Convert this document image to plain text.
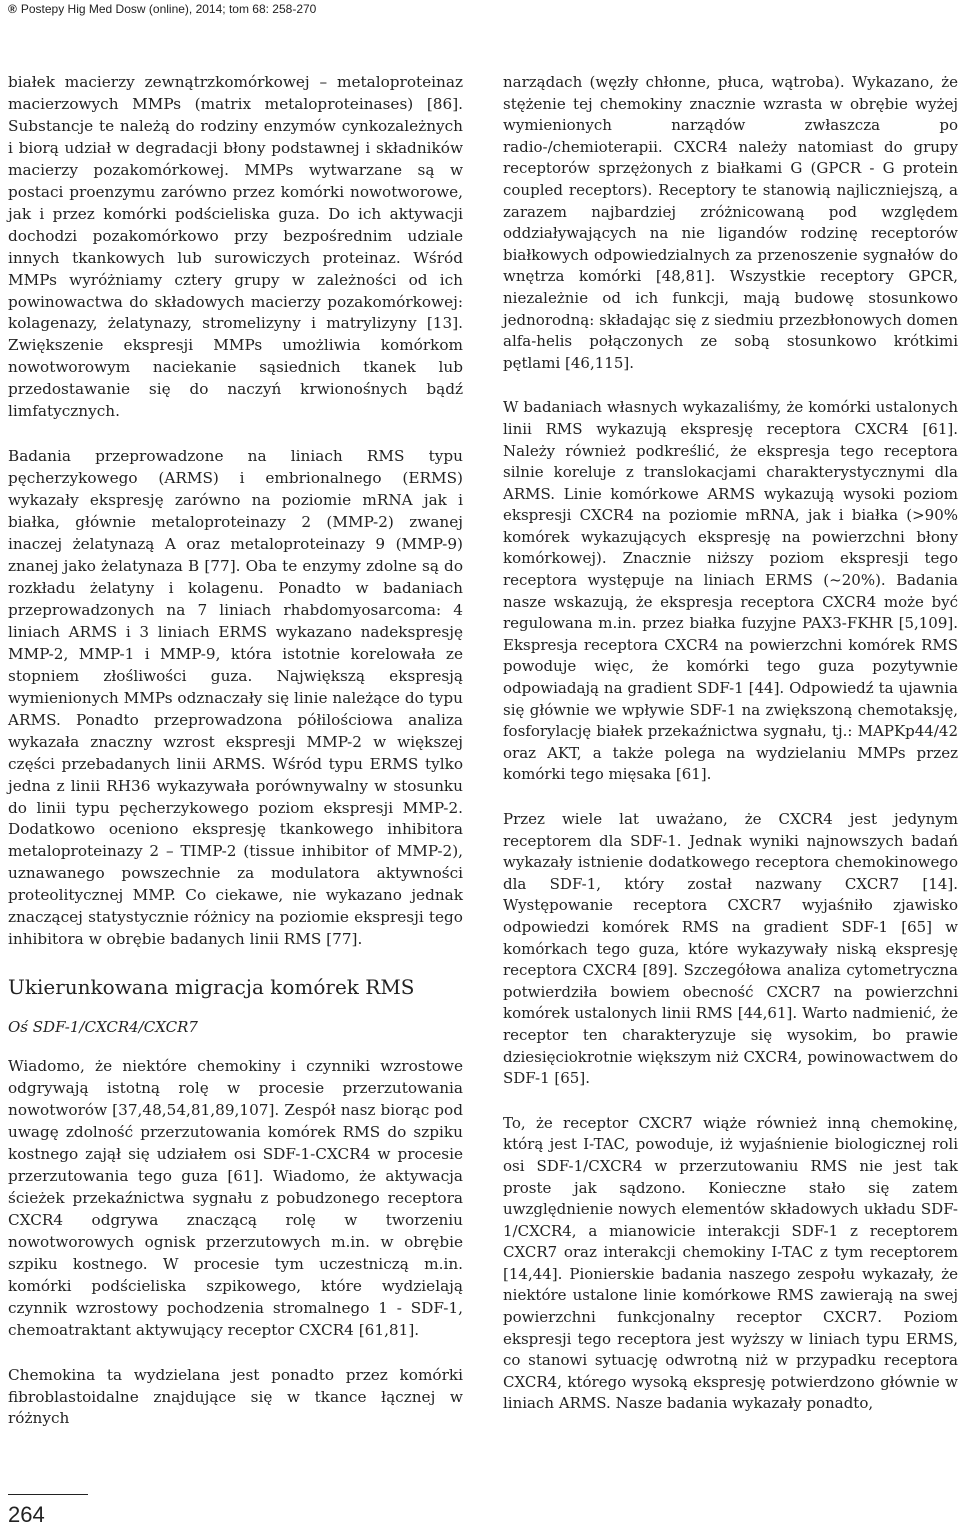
® Postepy Hig Med Dosw (online), 2014; tom 68: 258-270

białek macierzy zewnątrzkomórkowej – metaloproteinaz macierzowych MMPs (matrix metaloproteinases) [86]. Substancje te należą do rodziny enzymów cynkozależnych i biorą udział w degradacji błony podstawnej i składników macierzy pozakomórkowej. MMPs wytwarzane są w postaci proenzymu zarówno przez komórki nowotworowe, jak i przez komórki podścieliska guza. Do ich aktywacji dochodzi pozakomórkowo przy bezpośrednim udziale innych tkankowych lub surowiczych proteinaz. Wśród MMPs wyróżniamy cztery grupy w zależności od ich powinowactwa do składowych macierzy pozakomórkowej: kolagenazy, żelatynazy, stromelizyny i matrylizyny [13]. Zwiększenie ekspresji MMPs umożliwia komórkom nowotworowym naciekanie sąsiednich tkanek lub przedostawanie się do naczyń krwionośnych bądź limfatycznych.

Badania przeprowadzone na liniach RMS typu pęcherzykowego (ARMS) i embrionalnego (ERMS) wykazały ekspresję zarówno na poziomie mRNA jak i białka, głównie metaloproteinazy 2 (MMP-2) zwanej inaczej żelatynazą A oraz metaloproteinazy 9 (MMP-9) znanej jako żelatynaza B [77]. Oba te enzymy zdolne są do rozkładu żelatyny i kolagenu. Ponadto w badaniach przeprowadzonych na 7 liniach rhabdomyosarcoma: 4 liniach ARMS i 3 liniach ERMS wykazano nadekspresję MMP-2, MMP-1 i MMP-9, która istotnie korelowała ze stopniem złośliwości guza. Największą ekspresją wymienionych MMPs odznaczały się linie należące do typu ARMS. Ponadto przeprowadzona półilościowa analiza wykazała znaczny wzrost ekspresji MMP-2 w większej części przebadanych linii ARMS. Wśród typu ERMS tylko jedna z linii RH36 wykazywała porównywalny w stosunku do linii typu pęcherzykowego poziom ekspresji MMP-2. Dodatkowo oceniono ekspresję tkankowego inhibitora metaloproteinazy 2 – TIMP-2 (tissue inhibitor of MMP-2), uznawanego powszechnie za modulatora aktywności proteolitycznej MMP. Co ciekawe, nie wykazano jednak znaczącej statystycznie różnicy na poziomie ekspresji tego inhibitora w obrębie badanych linii RMS [77].

Ukierunkowana migracja komórek RMS
Oś SDF-1/CXCR4/CXCR7

Wiadomo, że niektóre chemokiny i czynniki wzrostowe odgrywają istotną rolę w procesie przerzutowania nowotworów [37,48,54,81,89,107]. Zespół nasz biorąc pod uwagę zdolność przerzutowania komórek RMS do szpiku kostnego zajął się udziałem osi SDF-1-CXCR4 w procesie przerzutowania tego guza [61]. Wiadomo, że aktywacja ścieżek przekaźnictwa sygnału z pobudzonego receptora CXCR4 odgrywa znaczącą rolę w tworzeniu nowotworowych ognisk przerzutowych m.in. w obrębie szpiku kostnego. W procesie tym uczestniczą m.in. komórki podścieliska szpikowego, które wydzielają czynnik wzrostowy pochodzenia stromalnego 1 - SDF-1, chemoatraktant aktywujący receptor CXCR4 [61,81].

Chemokina ta wydzielana jest ponadto przez komórki fibroblastoidalne znajdujące się w tkance łącznej w różnych

narządach (węzły chłonne, płuca, wątroba). Wykazano, że stężenie tej chemokiny znacznie wzrasta w obrębie wyżej wymienionych narządów zwłaszcza po radio-/chemioterapii. CXCR4 należy natomiast do grupy receptorów sprzężonych z białkami G (GPCR - G protein coupled receptors). Receptory te stanowią najliczniejszą, a zarazem najbardziej zróżnicowaną pod względem oddziaływających na nie ligandów rodzinę receptorów białkowych odpowiedzialnych za przenoszenie sygnałów do wnętrza komórki [48,81]. Wszystkie receptory GPCR, niezależnie od ich funkcji, mają budowę stosunkowo jednorodną: składając się z siedmiu przezbłonowych domen alfa-helis połączonych ze sobą stosunkowo krótkimi pętlami [46,115].

W badaniach własnych wykazaliśmy, że komórki ustalonych linii RMS wykazują ekspresję receptora CXCR4 [61]. Należy również podkreślić, że ekspresja tego receptora silnie koreluje z translokacjami charakterystycznymi dla ARMS. Linie komórkowe ARMS wykazują wysoki poziom ekspresji CXCR4 na poziomie mRNA, jak i białka (>90% komórek wykazujących ekspresję na powierzchni błony komórkowej). Znacznie niższy poziom ekspresji tego receptora występuje na liniach ERMS (~20%). Badania nasze wskazują, że ekspresja receptora CXCR4 może być regulowana m.in. przez białka fuzyjne PAX3-FKHR [5,109]. Ekspresja receptora CXCR4 na powierzchni komórek RMS powoduje więc, że komórki tego guza pozytywnie odpowiadają na gradient SDF-1 [44]. Odpowiedź ta ujawnia się głównie we wpływie SDF-1 na zwiększoną chemotaksję, fosforylację białek przekaźnictwa sygnału, tj.: MAPKp44/42 oraz AKT, a także polega na wydzielaniu MMPs przez komórki tego mięsaka [61].

Przez wiele lat uważano, że CXCR4 jest jedynym receptorem dla SDF-1. Jednak wyniki najnowszych badań wykazały istnienie dodatkowego receptora chemokinowego dla SDF-1, który został nazwany CXCR7 [14]. Występowanie receptora CXCR7 wyjaśniło zjawisko odpowiedzi komórek RMS na gradient SDF-1 [65] w komórkach tego guza, które wykazywały niską ekspresję receptora CXCR4 [89]. Szczegółowa analiza cytometryczna potwierdziła bowiem obecność CXCR7 na powierzchni komórek ustalonych linii RMS [44,61]. Warto nadmienić, że receptor ten charakteryzuje się wysokim, bo prawie dziesięciokrotnie większym niż CXCR4, powinowactwem do SDF-1 [65].

To, że receptor CXCR7 wiąże również inną chemokinę, którą jest I-TAC, powoduje, iż wyjaśnienie biologicznej roli osi SDF-1/CXCR4 w przerzutowaniu RMS nie jest tak proste jak sądzono. Konieczne stało się zatem uwzględnienie nowych elementów składowych układu SDF-1/CXCR4, a mianowicie interakcji SDF-1 z receptorem CXCR7 oraz interakcji chemokiny I-TAC z tym receptorem [14,44]. Pionierskie badania naszego zespołu wykazały, że niektóre ustalone linie komórkowe RMS zawierają na swej powierzchni funkcjonalny receptor CXCR7. Poziom ekspresji tego receptora jest wyższy w liniach typu ERMS, co stanowi sytuację odwrotną niż w przypadku receptora CXCR4, którego wysoką ekspresję potwierdzono głównie w liniach ARMS. Nasze badania wykazały ponadto,

264
